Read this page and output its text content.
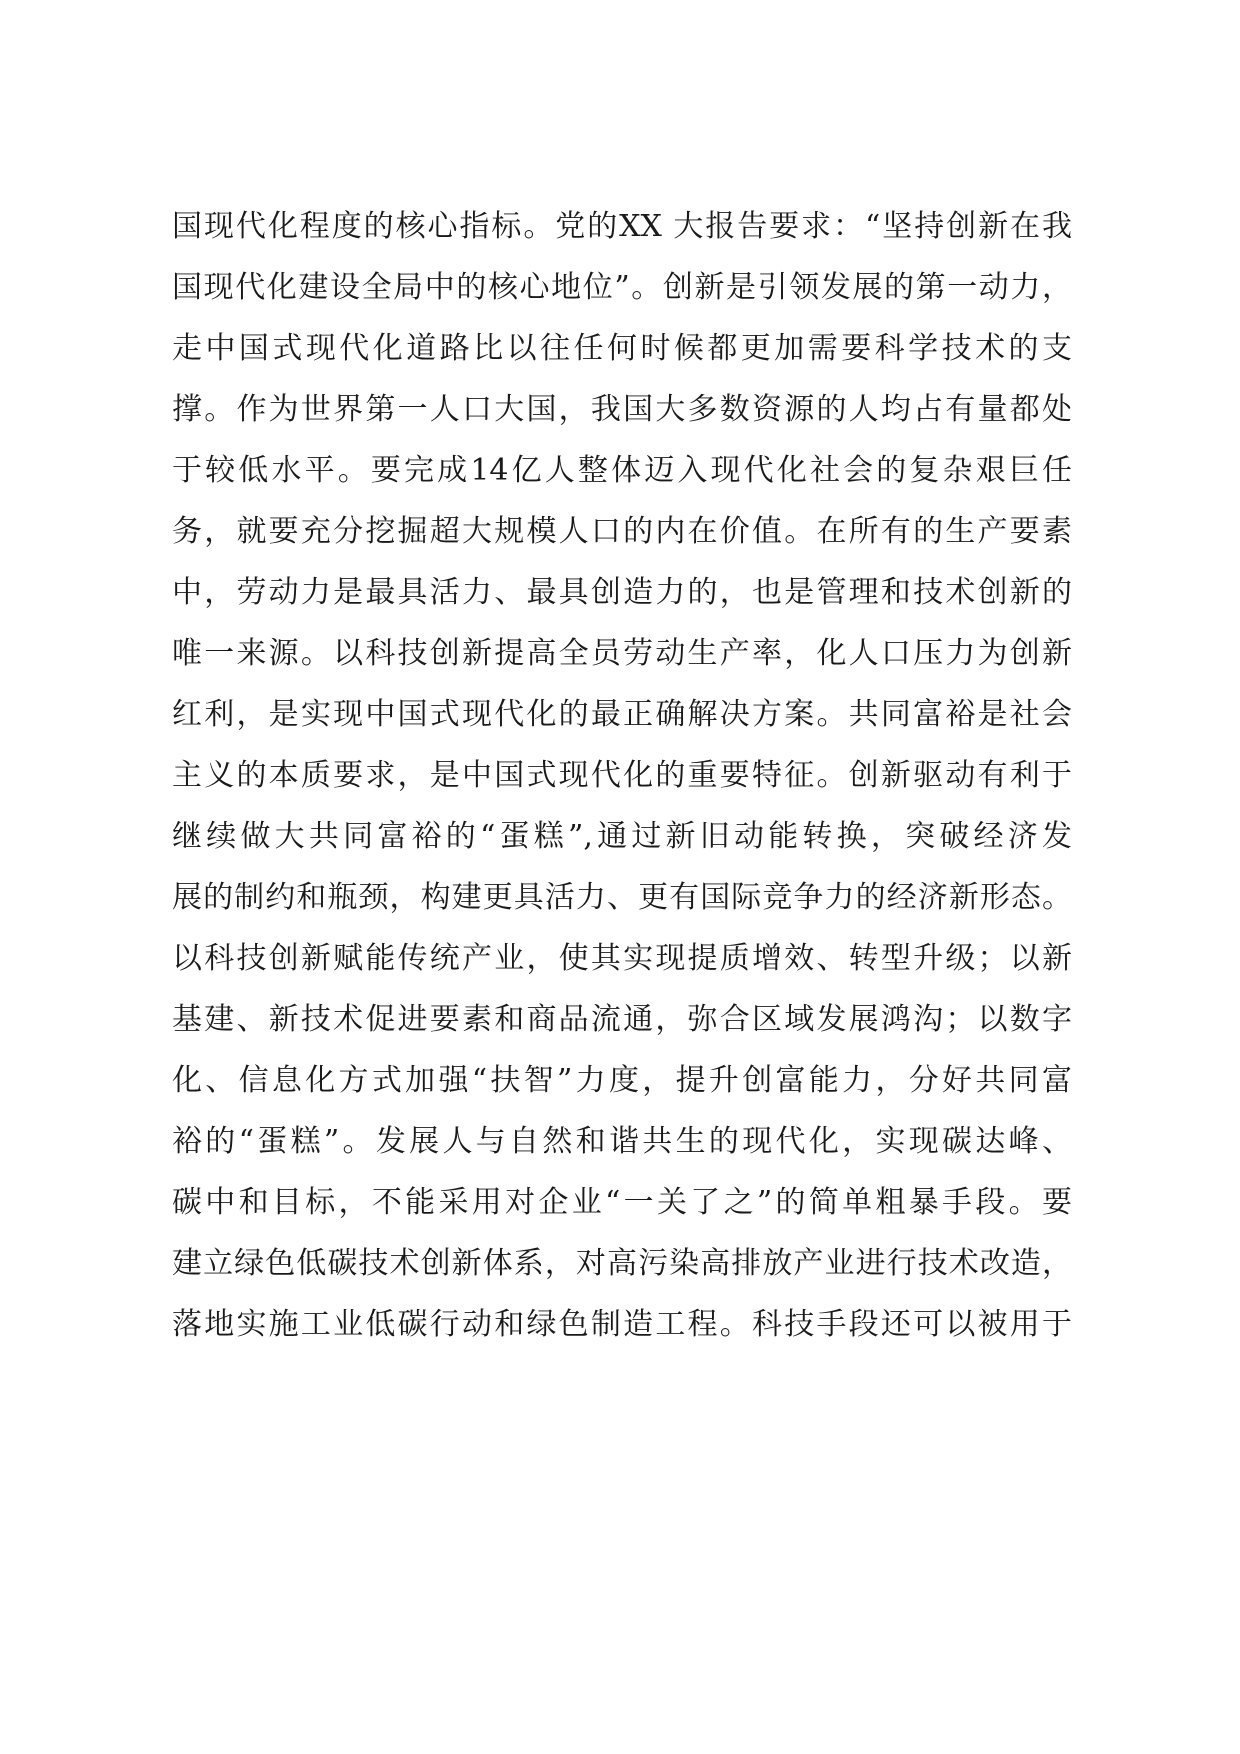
国现代化程度的核心指标。党的XX 大报告要求：“坚持创新在我
国现代化建设全局中的核心地位”。创新是引领发展的第一动力，
走中国式现代化道路比以往任何时候都更加需要科学技术的支
撑。作为世界第一人口大国，我国大多数资源的人均占有量都处
于较低水平。要完成14亿人整体迈入现代化社会的复杂艰巨任
务，就要充分挖掘超大规模人口的内在价值。在所有的生产要素
中，劳动力是最具活力、最具创造力的，也是管理和技术创新的
唯一来源。以科技创新提高全员劳动生产率，化人口压力为创新
红利，是实现中国式现代化的最正确解决方案。共同富裕是社会
主义的本质要求，是中国式现代化的重要特征。创新驱动有利于
继续做大共同富裕的“蛋糕”,通过新旧动能转换，突破经济发
展的制约和瓶颈，构建更具活力、更有国际竞争力的经济新形态。
以科技创新赋能传统产业，使其实现提质增效、转型升级；以新
基建、新技术促进要素和商品流通，弥合区域发展鸿沟；以数字
化、信息化方式加强“扶智”力度，提升创富能力，分好共同富
裕的“蛋糕”。发展人与自然和谐共生的现代化，实现碳达峰、
碳中和目标，不能采用对企业“一关了之”的简单粗暴手段。要
建立绿色低碳技术创新体系，对高污染高排放产业进行技术改造，
落地实施工业低碳行动和绿色制造工程。科技手段还可以被用于
